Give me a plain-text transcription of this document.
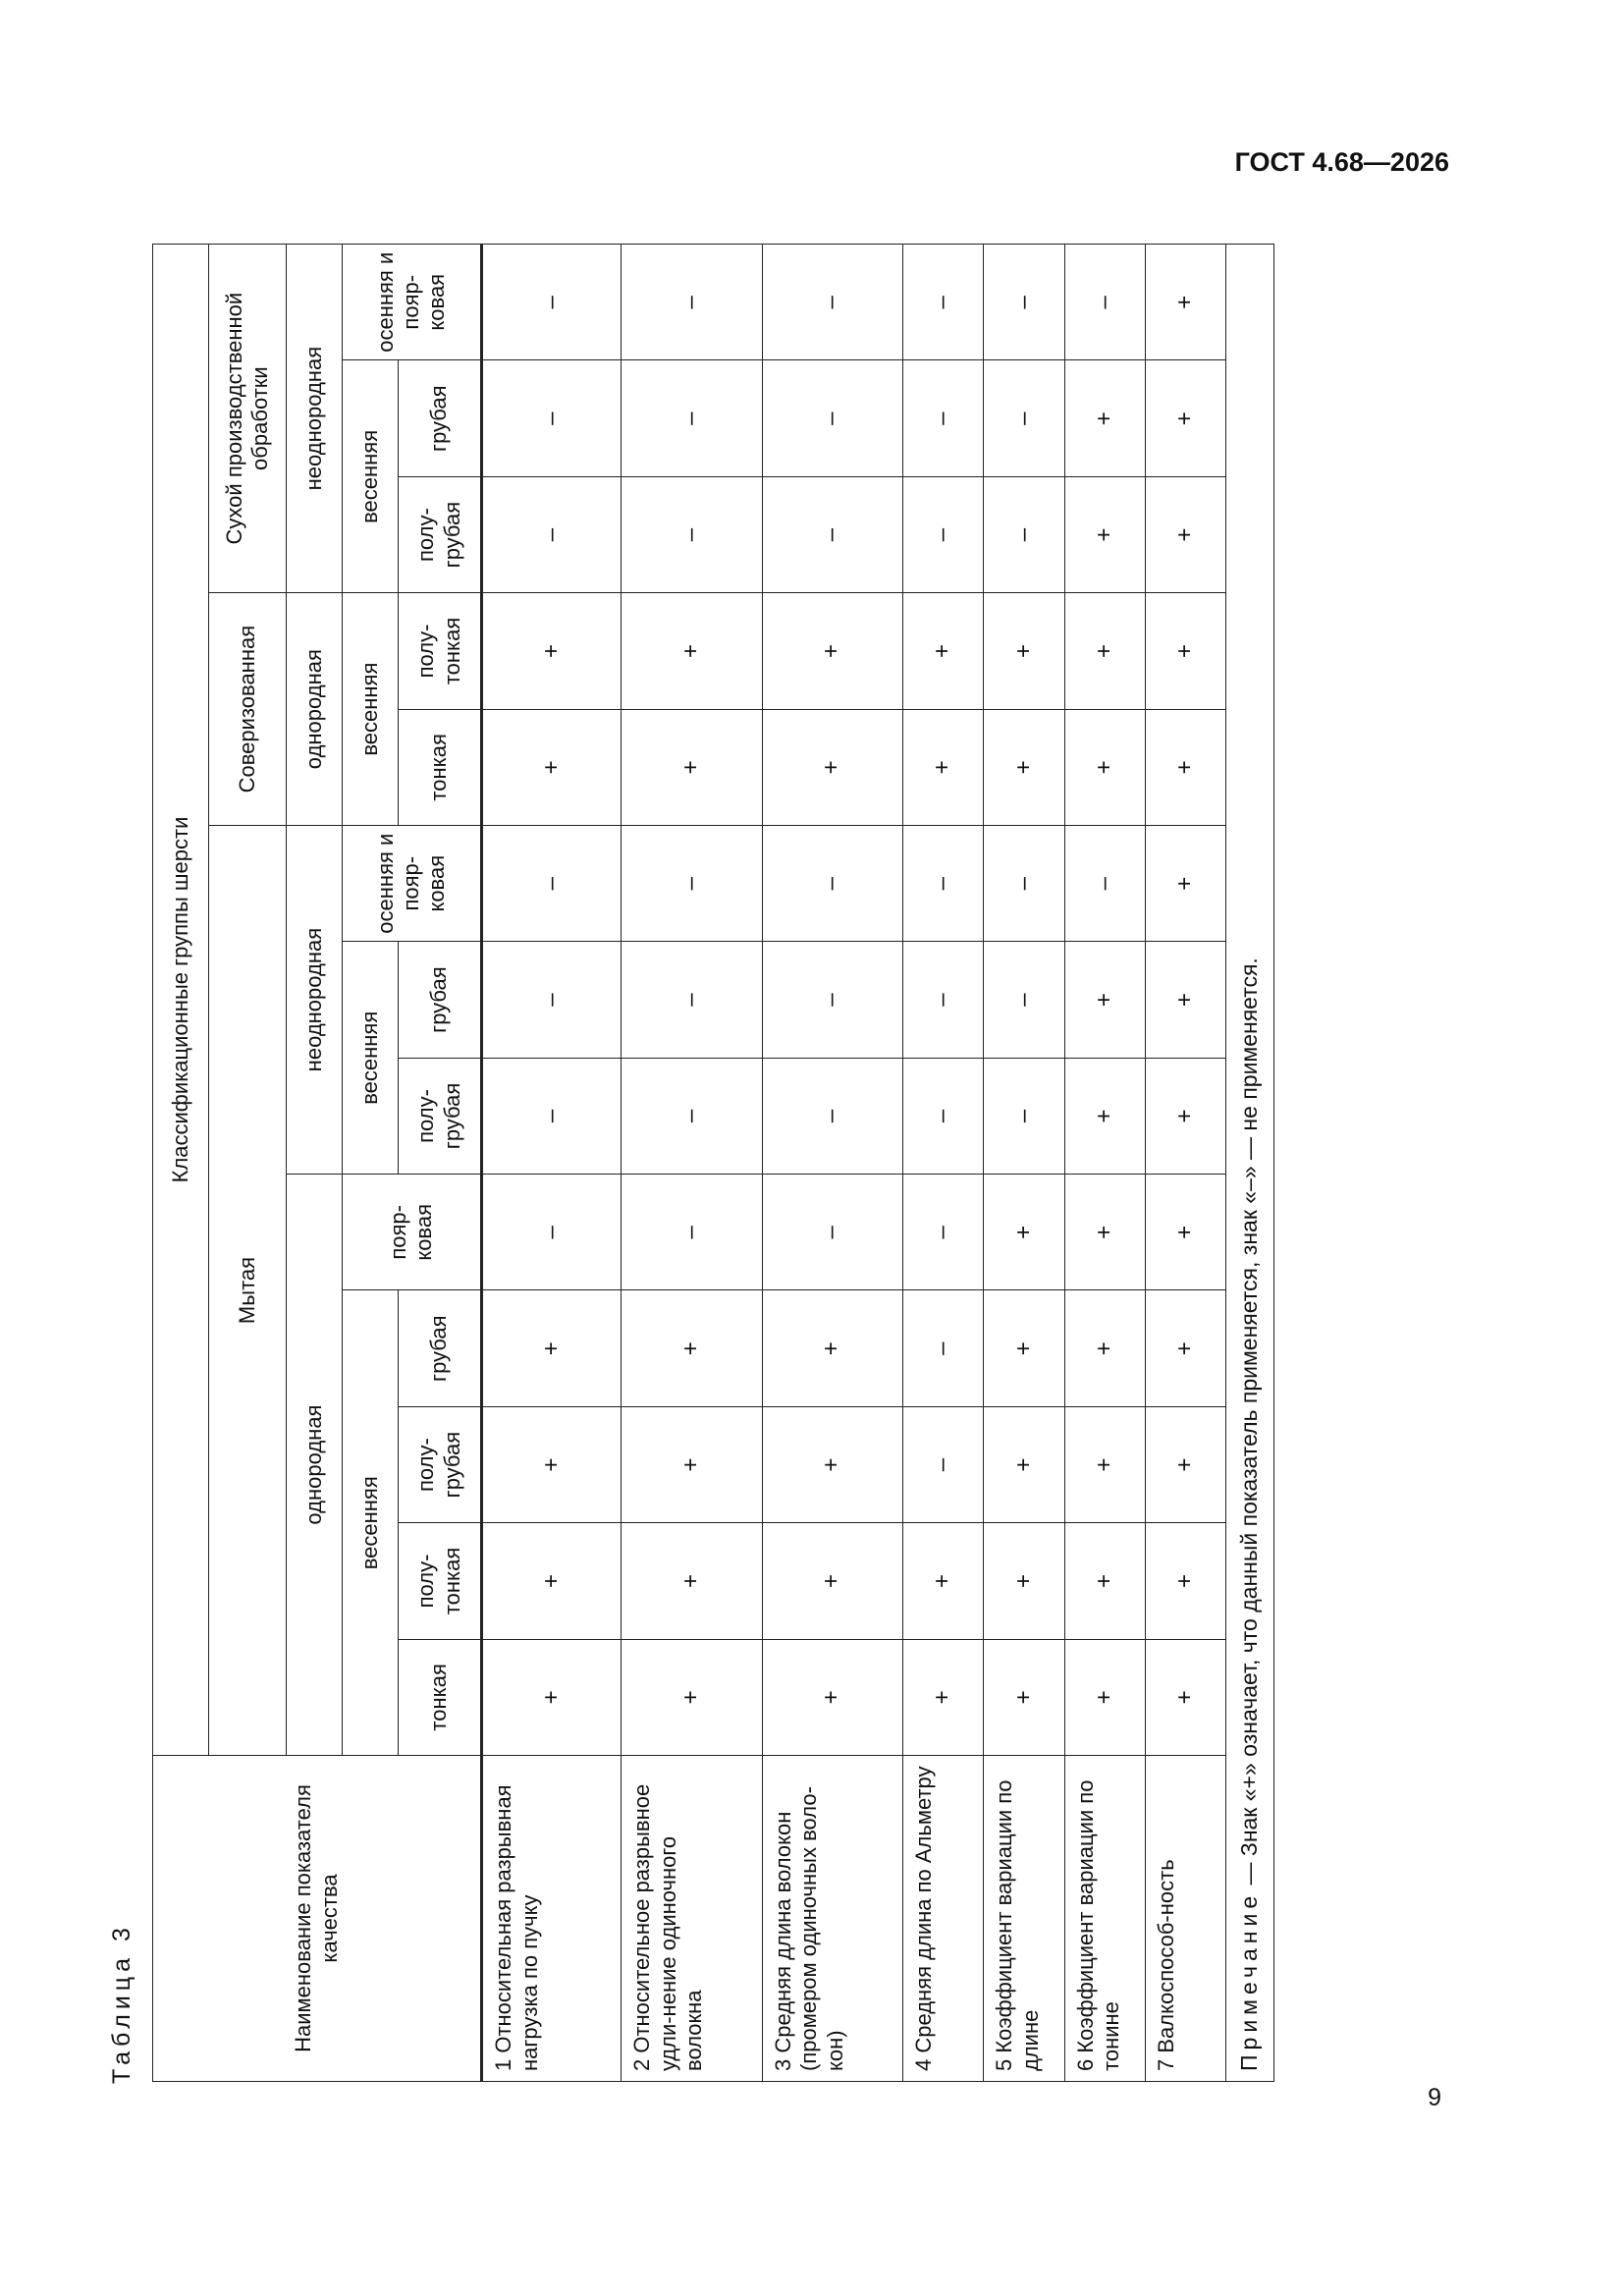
ГОСТ 4.68—2026
9
Таблица 3	Наименование показателя качества	Классификационные группы шерсти												
	Мытая								Соверизованная		Сухой производственной обработки		
	однородная					неоднородная			однородная		неоднородная		
	весенняя				пояр-ковая	весенняя		осенняя и пояр-ковая	весенняя		весенняя		осенняя и пояр-ковая
	тонкая	полу-тонкая	полу-грубая	грубая		полу-грубая	грубая		тонкая	полу-тонкая	полу-грубая	грубая	
1 Относительная разрывная нагрузка по пучку	+	+	+	+	–	–	–	–	+	+	–	–	–
2 Относительное разрывное удли-нение одиночного волокна	+	+	+	+	–	–	–	–	+	+	–	–	–
3 Средняя длина волокон (промером одиночных воло-кон)	+	+	+	+	–	–	–	–	+	+	–	–	–
4 Средняя длина по Альметру	+	+	–	–	–	–	–	–	+	+	–	–	–
5 Коэффициент вариации по длине	+	+	+	+	+	–	–	–	+	+	–	–	–
6 Коэффициент вариации по тонине	+	+	+	+	+	+	+	–	+	+	+	+	–
7 Валкоспособ-ность	+	+	+	+	+	+	+	+	+	+	+	+	+
Примечание — Знак «+» означает, что данный показатель применяется, знак «–» — не применяется.													
